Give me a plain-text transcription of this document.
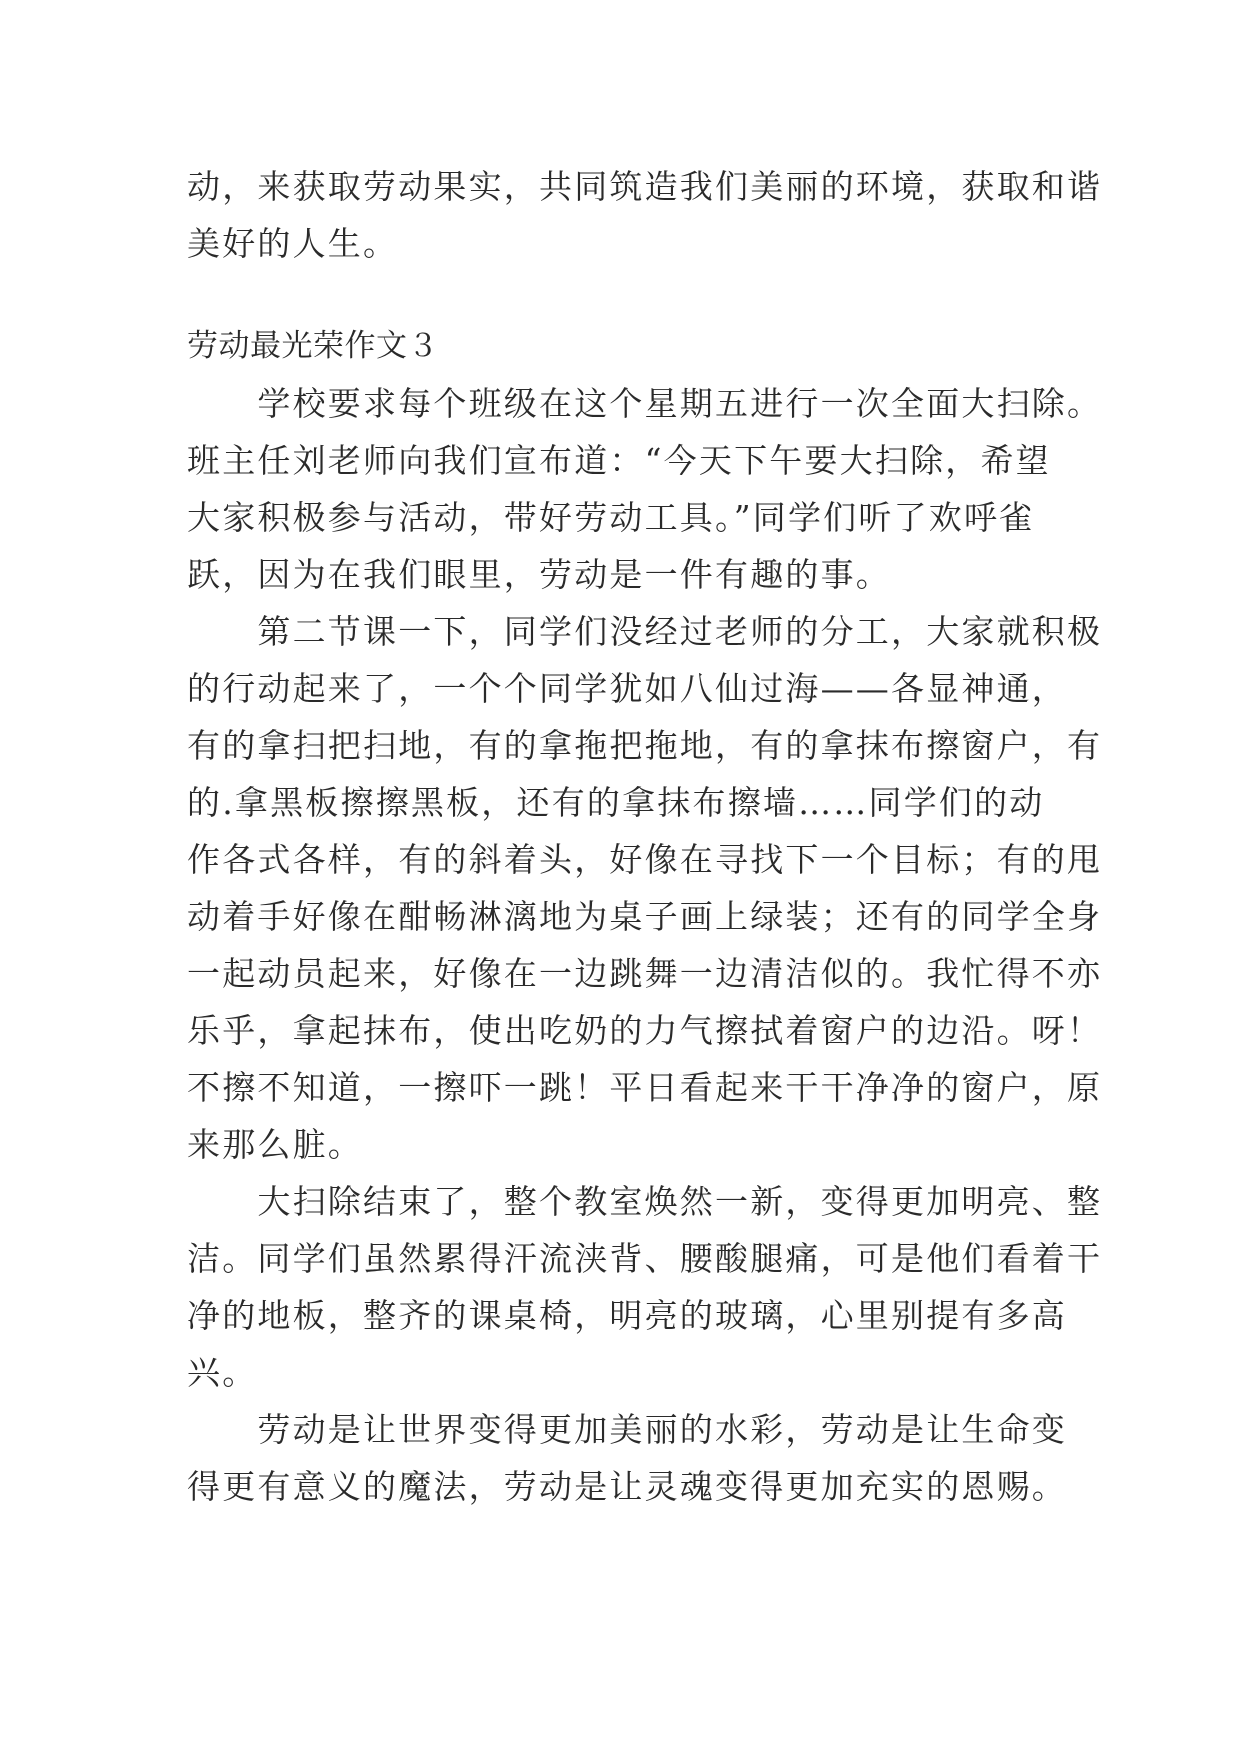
动，来获取劳动果实，共同筑造我们美丽的环境，获取和谐
美好的人生。
劳动最光荣作文３
　　学校要求每个班级在这个星期五进行一次全面大扫除。
班主任刘老师向我们宣布道：“今天下午要大扫除，希望
大家积极参与活动，带好劳动工具。”同学们听了欢呼雀
跃，因为在我们眼里，劳动是一件有趣的事。
　　第二节课一下，同学们没经过老师的分工，大家就积极
的行动起来了，一个个同学犹如八仙过海——各显神通，
有的拿扫把扫地，有的拿拖把拖地，有的拿抹布擦窗户，有
的.拿黑板擦擦黑板，还有的拿抹布擦墙……同学们的动
作各式各样，有的斜着头，好像在寻找下一个目标；有的甩
动着手好像在酣畅淋漓地为桌子画上绿装；还有的同学全身
一起动员起来，好像在一边跳舞一边清洁似的。我忙得不亦
乐乎，拿起抹布，使出吃奶的力气擦拭着窗户的边沿。呀！
不擦不知道，一擦吓一跳！平日看起来干干净净的窗户，原
来那么脏。
　　大扫除结束了，整个教室焕然一新，变得更加明亮、整
洁。同学们虽然累得汗流浃背、腰酸腿痛，可是他们看着干
净的地板，整齐的课桌椅，明亮的玻璃，心里别提有多高
兴。
　　劳动是让世界变得更加美丽的水彩，劳动是让生命变
得更有意义的魔法，劳动是让灵魂变得更加充实的恩赐。
